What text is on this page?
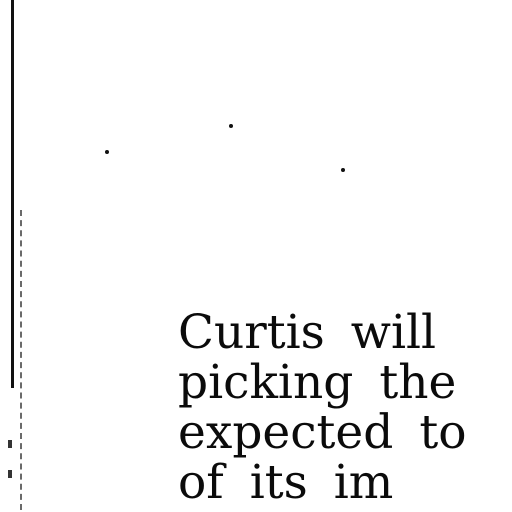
Curtis will
picking the
expected to
of its im
